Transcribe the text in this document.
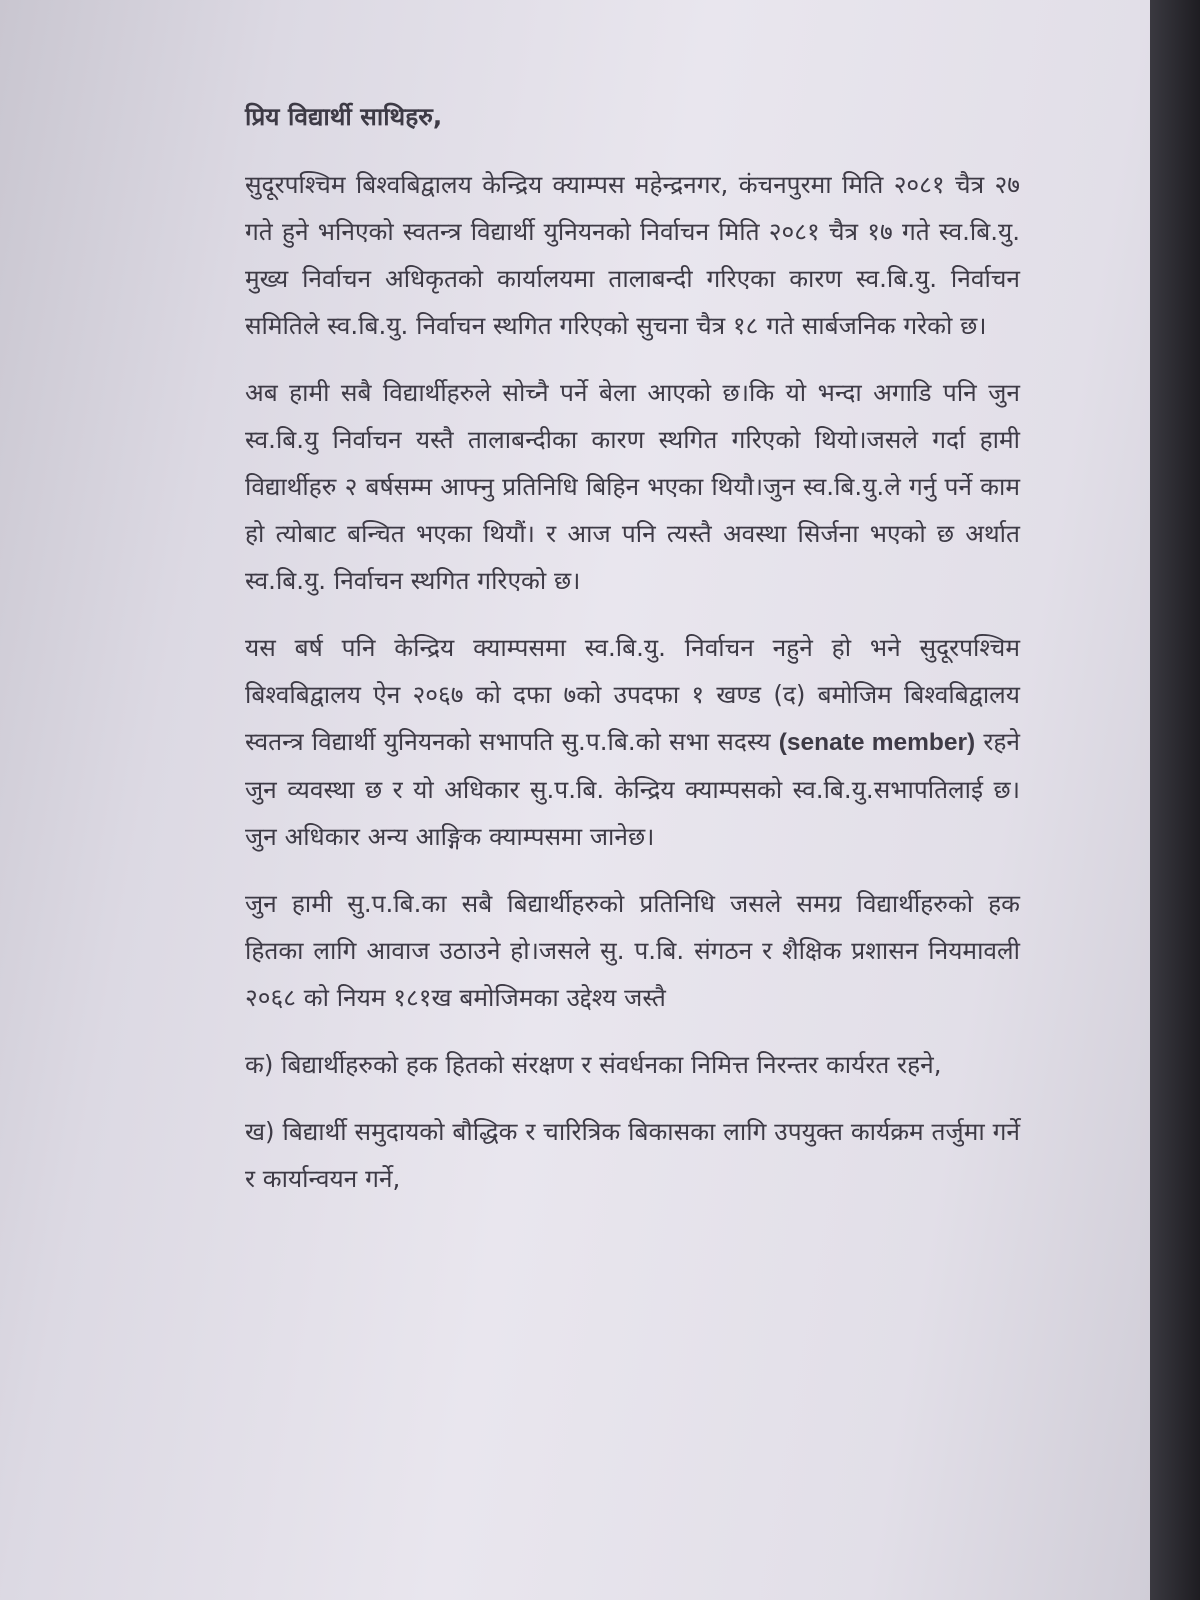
प्रिय विद्यार्थी साथिहरु,

सुदूरपश्चिम बिश्वबिद्वालय केन्द्रिय क्याम्पस महेन्द्रनगर, कंचनपुरमा मिति २०८१ चैत्र २७ गते हुने भनिएको स्वतन्त्र विद्यार्थी युनियनको निर्वाचन मिति २०८१ चैत्र १७ गते स्व.बि.यु. मुख्य निर्वाचन अधिकृतको कार्यालयमा तालाबन्दी गरिएका कारण स्व.बि.यु. निर्वाचन समितिले स्व.बि.यु. निर्वाचन स्थगित गरिएको सुचना चैत्र १८ गते सार्बजनिक गरेको छ।

अब हामी सबै विद्यार्थीहरुले सोच्नै पर्ने बेला आएको छ।कि यो भन्दा अगाडि पनि जुन स्व.बि.यु निर्वाचन यस्तै तालाबन्दीका कारण स्थगित गरिएको थियो।जसले गर्दा हामी विद्यार्थीहरु २ बर्षसम्म आफ्नु प्रतिनिधि बिहिन भएका थियौ।जुन स्व.बि.यु.ले गर्नु पर्ने काम हो त्योबाट बन्चित भएका थियौं। र आज पनि त्यस्तै अवस्था सिर्जना भएको छ अर्थात स्व.बि.यु. निर्वाचन स्थगित गरिएको छ।

यस बर्ष पनि केन्द्रिय क्याम्पसमा स्व.बि.यु. निर्वाचन नहुने हो भने सुदूरपश्चिम बिश्वबिद्वालय ऐन २०६७ को दफा ७को उपदफा १ खण्ड (द) बमोजिम बिश्वबिद्वालय स्वतन्त्र विद्यार्थी युनियनको सभापति सु.प.बि.को सभा सदस्य (senate member) रहने जुन व्यवस्था छ र यो अधिकार सु.प.बि. केन्द्रिय क्याम्पसको स्व.बि.यु.सभापतिलाई छ। जुन अधिकार अन्य आङ्गिक क्याम्पसमा जानेछ।

जुन हामी सु.प.बि.का सबै बिद्यार्थीहरुको प्रतिनिधि जसले समग्र विद्यार्थीहरुको हक हितका लागि आवाज उठाउने हो।जसले सु. प.बि. संगठन र शैक्षिक प्रशासन नियमावली २०६८ को नियम १८१ख बमोजिमका उद्देश्य जस्तै

क) बिद्यार्थीहरुको हक हितको संरक्षण र संवर्धनका निमित्त निरन्तर कार्यरत रहने,

ख) बिद्यार्थी समुदायको बौद्धिक र चारित्रिक बिकासका लागि उपयुक्त कार्यक्रम तर्जुमा गर्ने र कार्यान्वयन गर्ने,
